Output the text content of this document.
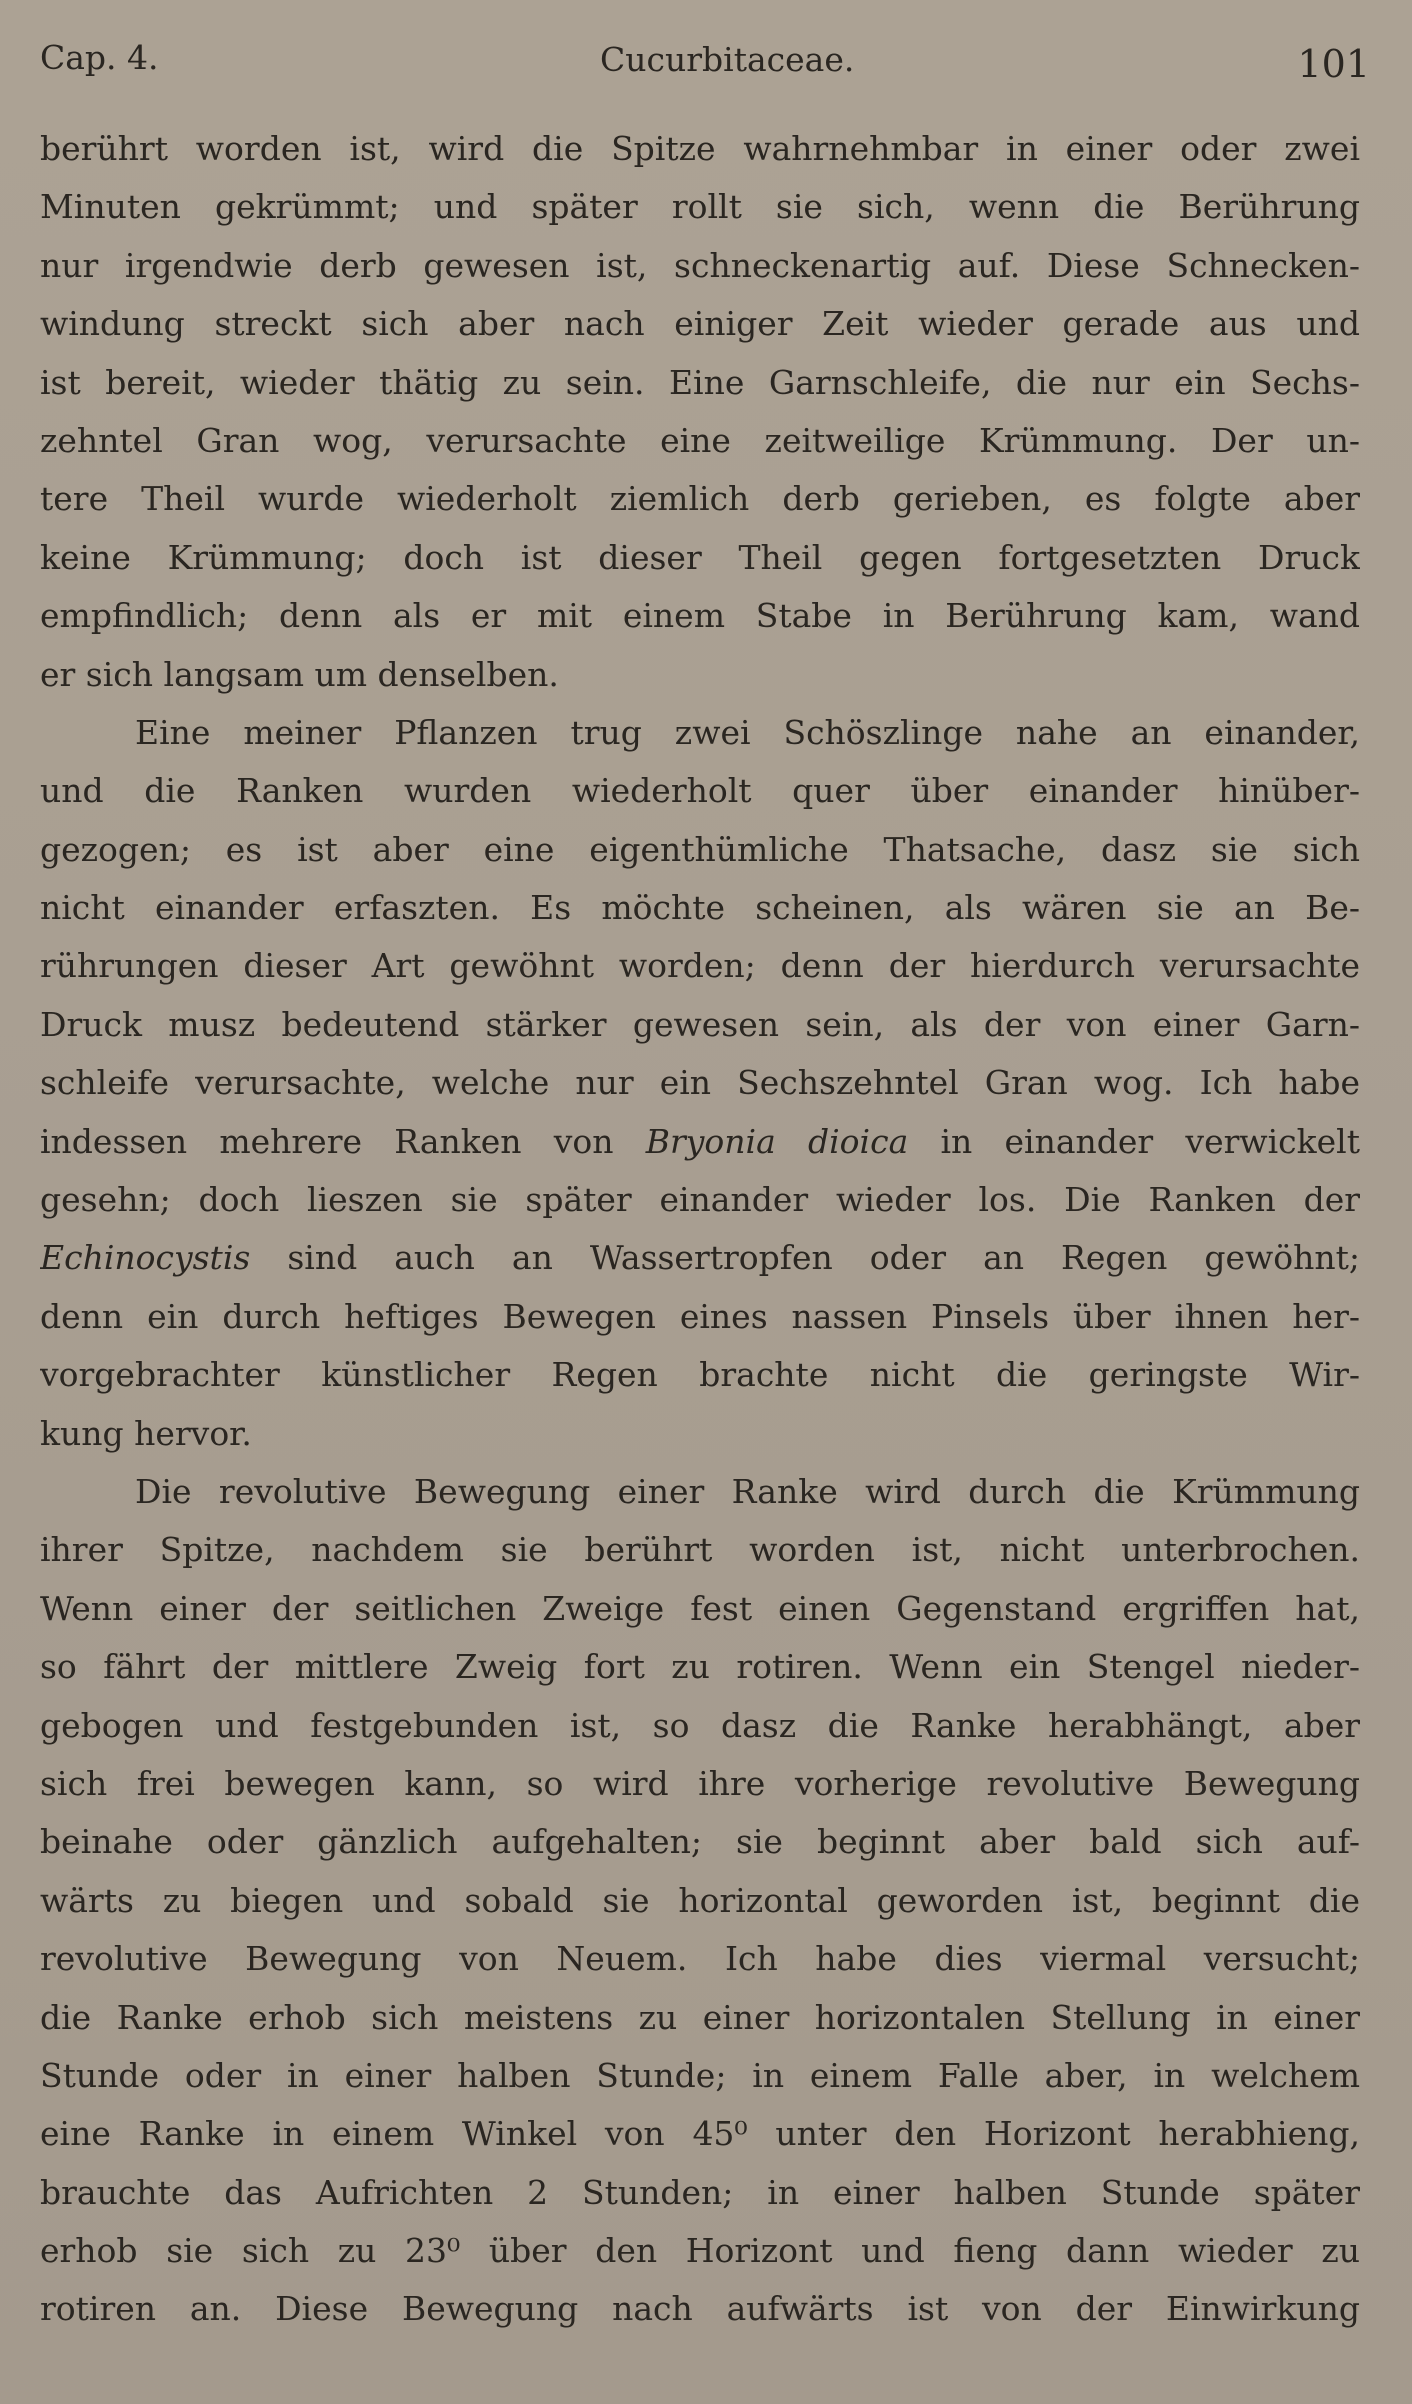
Cap. 4.	Cucurbitaceae.	101
berührt worden ist, wird die Spitze wahrnehmbar in einer oder zwei
Minuten gekrümmt; und später rollt sie sich, wenn die Berührung
nur irgendwie derb gewesen ist, schneckenartig auf. Diese Schnecken-
windung streckt sich aber nach einiger Zeit wieder gerade aus und
ist bereit, wieder thätig zu sein. Eine Garnschleife, die nur ein Sechs-
zehntel Gran wog, verursachte eine zeitweilige Krümmung. Der un-
tere Theil wurde wiederholt ziemlich derb gerieben, es folgte aber
keine Krümmung; doch ist dieser Theil gegen fortgesetzten Druck
empfindlich; denn als er mit einem Stabe in Berührung kam, wand
er sich langsam um denselben.
Eine meiner Pflanzen trug zwei Schöszlinge nahe an einander,
und die Ranken wurden wiederholt quer über einander hinüber-
gezogen; es ist aber eine eigenthümliche Thatsache, dasz sie sich
nicht einander erfaszten. Es möchte scheinen, als wären sie an Be-
rührungen dieser Art gewöhnt worden; denn der hierdurch verursachte
Druck musz bedeutend stärker gewesen sein, als der von einer Garn-
schleife verursachte, welche nur ein Sechszehntel Gran wog. Ich habe
indessen mehrere Ranken von Bryonia dioica in einander verwickelt
gesehn; doch lieszen sie später einander wieder los. Die Ranken der
Echinocystis sind auch an Wassertropfen oder an Regen gewöhnt;
denn ein durch heftiges Bewegen eines nassen Pinsels über ihnen her-
vorgebrachter künstlicher Regen brachte nicht die geringste Wir-
kung hervor.
Die revolutive Bewegung einer Ranke wird durch die Krümmung
ihrer Spitze, nachdem sie berührt worden ist, nicht unterbrochen.
Wenn einer der seitlichen Zweige fest einen Gegenstand ergriffen hat,
so fährt der mittlere Zweig fort zu rotiren. Wenn ein Stengel nieder-
gebogen und festgebunden ist, so dasz die Ranke herabhängt, aber
sich frei bewegen kann, so wird ihre vorherige revolutive Bewegung
beinahe oder gänzlich aufgehalten; sie beginnt aber bald sich auf-
wärts zu biegen und sobald sie horizontal geworden ist, beginnt die
revolutive Bewegung von Neuem. Ich habe dies viermal versucht;
die Ranke erhob sich meistens zu einer horizontalen Stellung in einer
Stunde oder in einer halben Stunde; in einem Falle aber, in welchem
eine Ranke in einem Winkel von 45⁰ unter den Horizont herabhieng,
brauchte das Aufrichten 2 Stunden; in einer halben Stunde später
erhob sie sich zu 23⁰ über den Horizont und fieng dann wieder zu
rotiren an. Diese Bewegung nach aufwärts ist von der Einwirkung
